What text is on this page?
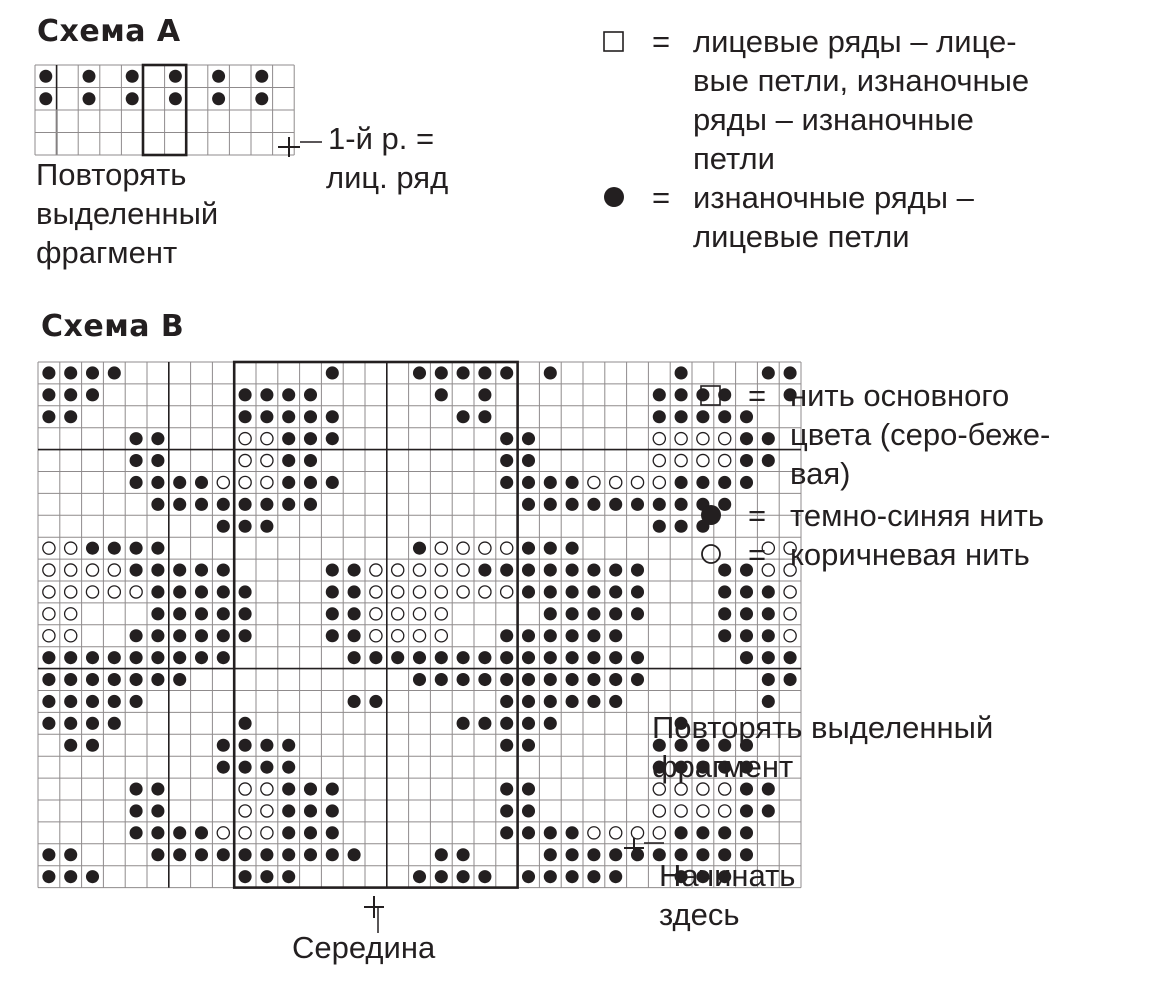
Схема А
Повторять
выделенный
фрагмент
1-й р. =
лиц. ряд
= лицевые ряды – лице-
вые петли, изнаночные
ряды – изнаночные
петли
= изнаночные ряды –
лицевые петли
Схема В
= нить основного
цвета (серо-беже-
вая)
= темно-синяя нить
= коричневая нить
Повторять выделенный
фрагмент
Начинать
здесь
Середина
